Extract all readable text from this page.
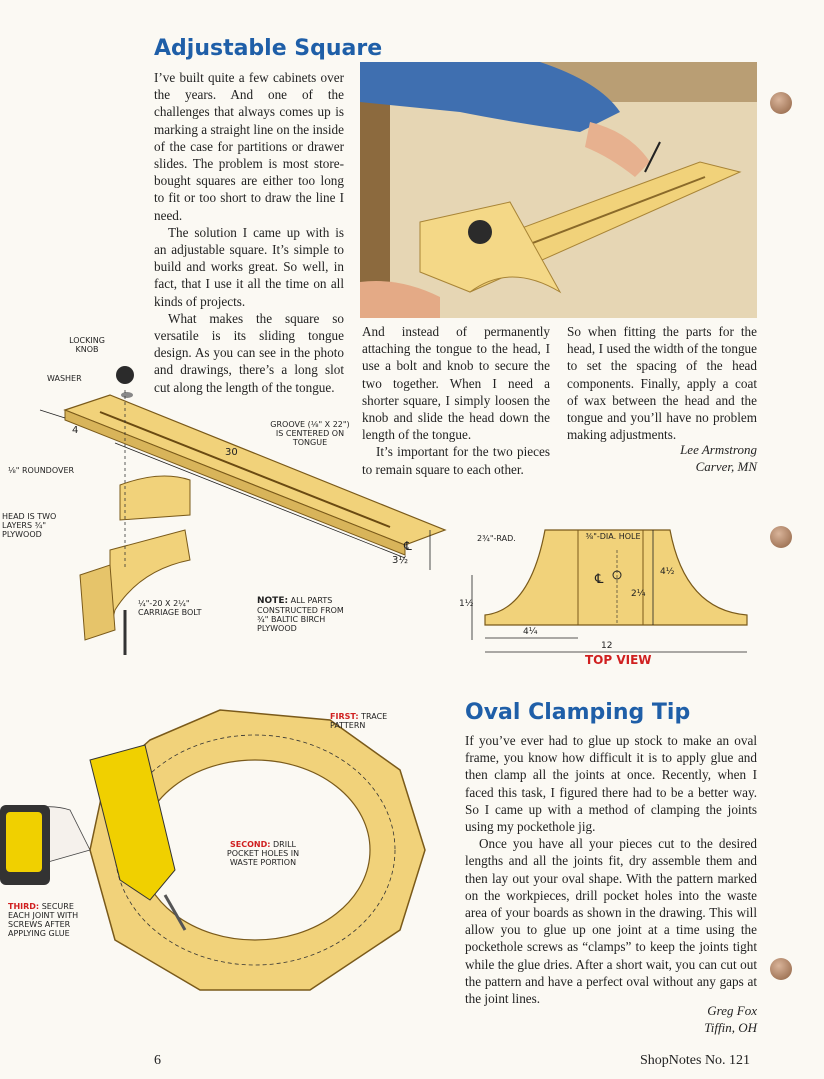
Adjustable Square

I’ve built quite a few cabinets over the years. And one of the challenges that always comes up is marking a straight line on the inside of the case for partitions or drawer slides. The problem is most store-bought squares are either too long to fit or too short to draw the line I need.

The solution I came up with is an adjustable square. It’s simple to build and works great. So well, in fact, that I use it all the time on all kinds of projects.

What makes the square so versatile is its sliding tongue design. As you can see in the photo and drawings, there’s a long slot cut along the length of the tongue.

And instead of permanently attaching the tongue to the head, I use a bolt and knob to secure the two together. When I need a shorter square, I simply loosen the knob and slide the head down the length of the tongue.

It’s important for the two pieces to remain square to each other.

So when fitting the parts for the head, I used the width of the tongue to set the spacing of the head components. Finally, apply a coat of wax between the head and the tongue and you’ll have no problem making adjustments.

Lee Armstrong
Carver, MN
LOCKING KNOB
WASHER
GROOVE (⅛" X 22") IS CENTERED ON TONGUE
30
4
⅛" ROUNDOVER
HEAD IS TWO LAYERS ¾" PLYWOOD
¼"-20 X 2¼" CARRIAGE BOLT
NOTE: ALL PARTS CONSTRUCTED FROM ¾" BALTIC BIRCH PLYWOOD
3½
℄
2¾"-RAD.	⅜"-DIA. HOLE
1½
4¼
12
2¼
4½
℄
TOP VIEW
FIRST: TRACE PATTERN
SECOND: DRILL POCKET HOLES IN WASTE PORTION
THIRD: SECURE EACH JOINT WITH SCREWS AFTER APPLYING GLUE
Oval Clamping Tip

If you’ve ever had to glue up stock to make an oval frame, you know how difficult it is to apply glue and then clamp all the joints at once. Recently, when I faced this task, I figured there had to be a better way. So I came up with a method of clamping the joints using my pockethole jig.

Once you have all your pieces cut to the desired lengths and all the joints fit, dry assemble them and then lay out your oval shape. With the pattern marked on the workpieces, drill pocket holes into the waste area of your boards as shown in the drawing. This will allow you to glue up one joint at a time using the pockethole screws as “clamps” to keep the joints tight while the glue dries. After a short wait, you can cut out the pattern and have a perfect oval without any gaps at the joint lines.

Greg Fox
Tiffin, OH
6	ShopNotes No. 121
